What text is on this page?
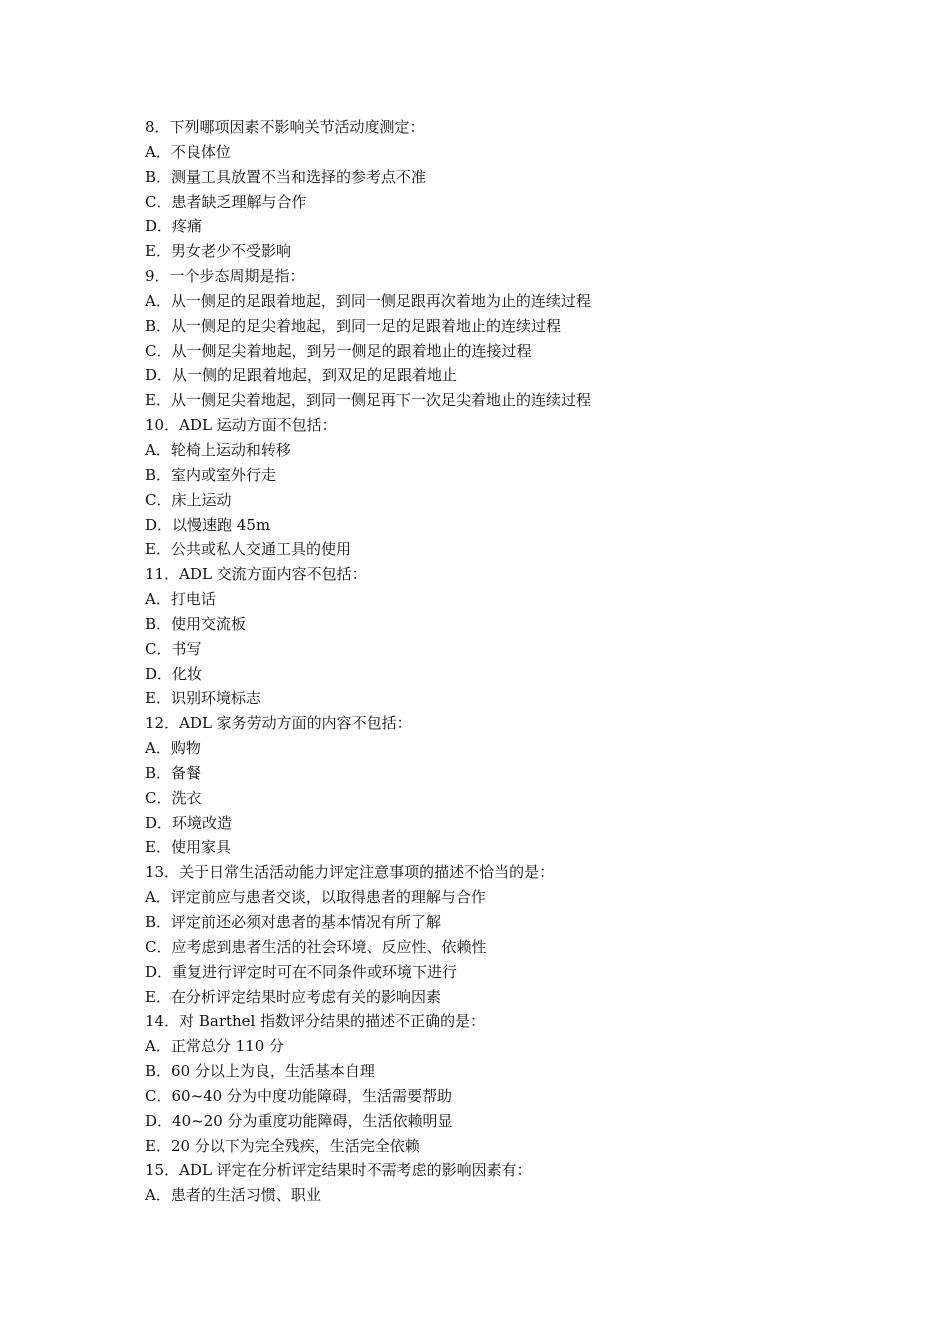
8．下列哪项因素不影响关节活动度测定：
A．不良体位
B．测量工具放置不当和选择的参考点不准
C．患者缺乏理解与合作
D．疼痛
E．男女老少不受影响
9．一个步态周期是指：
A．从一侧足的足跟着地起，到同一侧足跟再次着地为止的连续过程
B．从一侧足的足尖着地起，到同一足的足跟着地止的连续过程
C．从一侧足尖着地起，到另一侧足的跟着地止的连接过程
D．从一侧的足跟着地起，到双足的足跟着地止
E．从一侧足尖着地起，到同一侧足再下一次足尖着地止的连续过程
10．ADL 运动方面不包括：
A．轮椅上运动和转移
B．室内或室外行走
C．床上运动
D．以慢速跑 45m
E．公共或私人交通工具的使用
11．ADL 交流方面内容不包括：
A．打电话
B．使用交流板
C．书写
D．化妆
E．识别环境标志
12．ADL 家务劳动方面的内容不包括：
A．购物
B．备餐
C．洗衣
D．环境改造
E．使用家具
13．关于日常生活活动能力评定注意事项的描述不恰当的是：
A．评定前应与患者交谈，以取得患者的理解与合作
B．评定前还必须对患者的基本情况有所了解
C．应考虑到患者生活的社会环境、反应性、依赖性
D．重复进行评定时可在不同条件或环境下进行
E．在分析评定结果时应考虑有关的影响因素
14．对 Barthel 指数评分结果的描述不正确的是：
A．正常总分 110 分
B．60 分以上为良，生活基本自理
C．60~40 分为中度功能障碍，生活需要帮助
D．40~20 分为重度功能障碍，生活依赖明显
E．20 分以下为完全残疾，生活完全依赖
15．ADL 评定在分析评定结果时不需考虑的影响因素有：
A．患者的生活习惯、职业
